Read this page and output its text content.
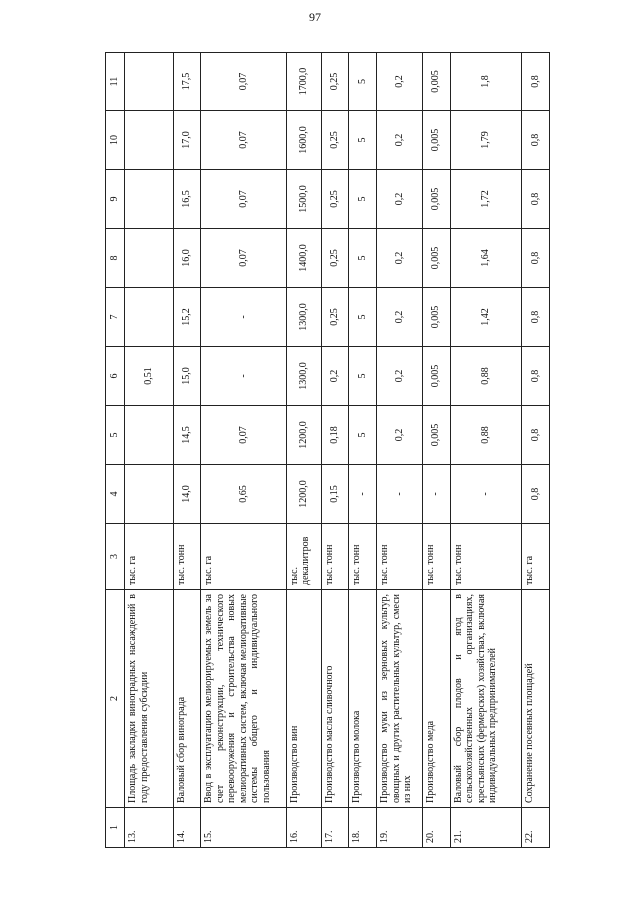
97
1	2	3	4	5	6	7	8	9	10	11
13.	Площадь закладки виноградных насаждений в году предоставления субсидии	тыс. га			0,51					
14.	Валовый сбор винограда	тыс. тонн	14,0	14,5	15,0	15,2	16,0	16,5	17,0	17,5
15.	Ввод в эксплуатацию мелиорируемых земель за счет реконструкции, технического перевооружения и строительства новых мелиоративных систем, включая мелиоративные системы общего и индивидуального пользования	тыс. га	0,65	0,07	-	-	0,07	0,07	0,07	0,07
16.	Производство вин	тыс. декалитров	1200,0	1200,0	1300,0	1300,0	1400,0	1500,0	1600,0	1700,0
17.	Производство масла сливочного	тыс. тонн	0,15	0,18	0,2	0,25	0,25	0,25	0,25	0,25
18.	Производство молока	тыс. тонн	-	5	5	5	5	5	5	5
19.	Производство муки из зерновых культур, овощных и других растительных культур, смеси из них	тыс. тонн	-	0,2	0,2	0,2	0,2	0,2	0,2	0,2
20.	Производство меда	тыс. тонн	-	0,005	0,005	0,005	0,005	0,005	0,005	0,005
21.	Валовый сбор плодов и ягод в сельскохозяйственных организациях, крестьянских (фермерских) хозяйствах, включая индивидуальных предпринимателей	тыс. тонн	-	0,88	0,88	1,42	1,64	1,72	1,79	1,8
22.	Сохранение посевных площадей	тыс. га	0,8	0,8	0,8	0,8	0,8	0,8	0,8	0,8
